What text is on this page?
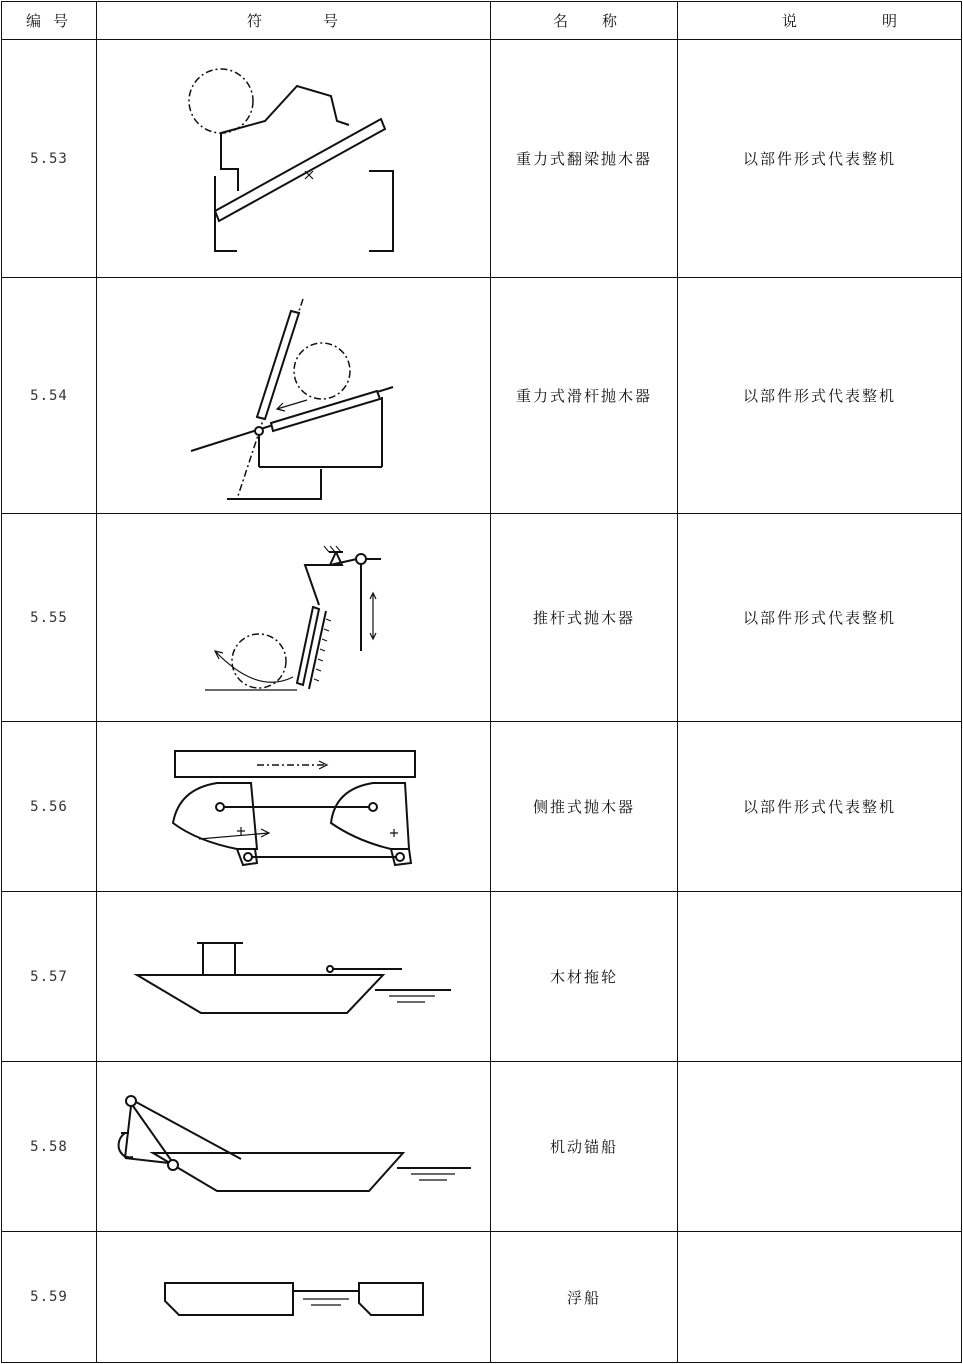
编 号	符 号	名 称	说 明

5.53		重力式翻梁抛木器	以部件形式代表整机
5.54		重力式滑杆抛木器	以部件形式代表整机
5.55		推杆式抛木器	以部件形式代表整机
5.56		侧推式抛木器	以部件形式代表整机
5.57		木材拖轮	
5.58		机动锚船	
5.59		浮船	
